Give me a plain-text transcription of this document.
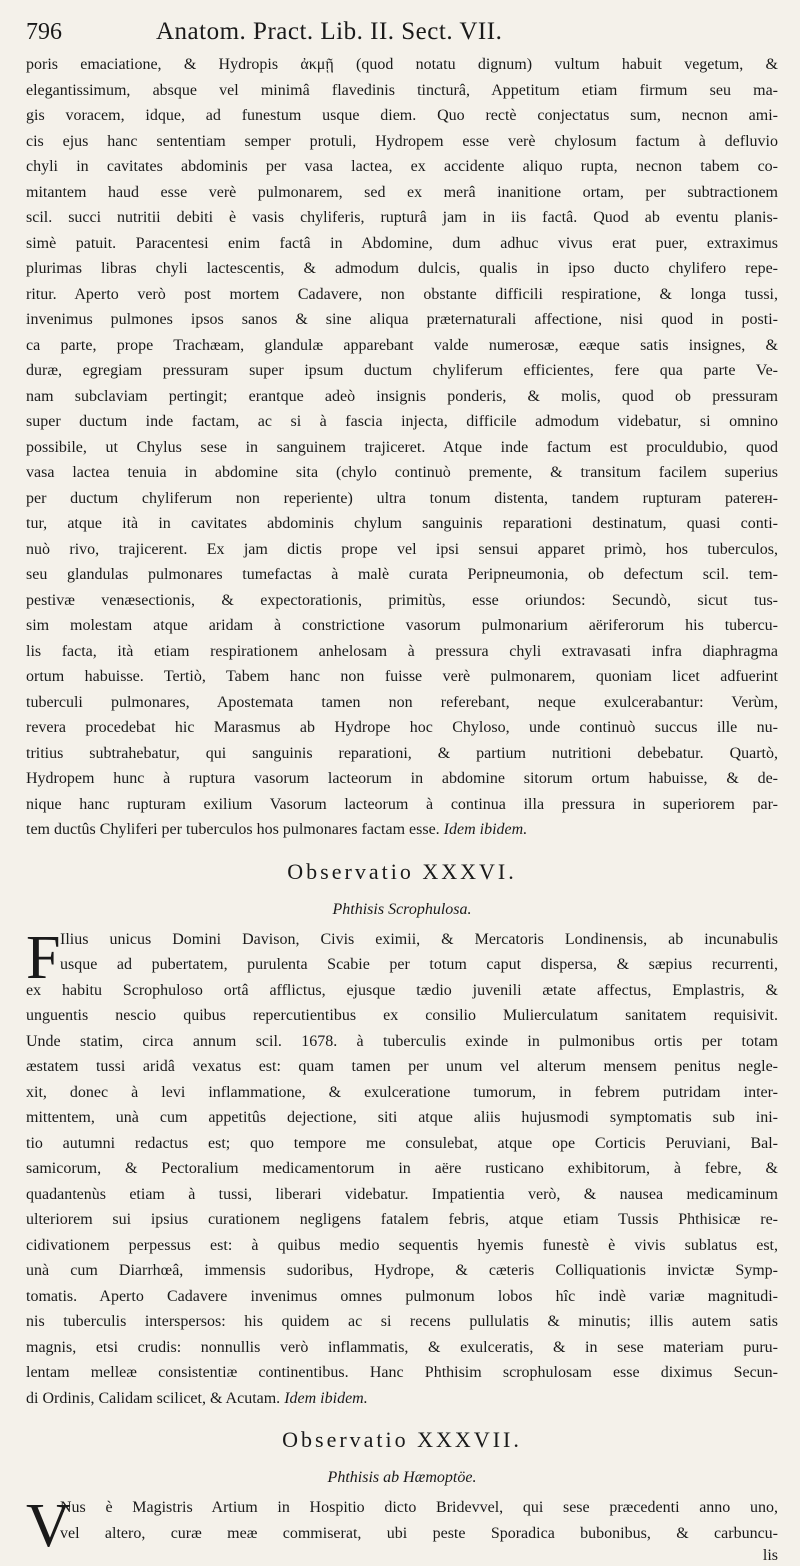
796	Anatom. Pract. Lib. II. Sect. VII.
poris emaciatione, & Hydropis ἀκμῇ (quod notatu dignum) vultum habuit vegetum, &
elegantissimum, absque vel minimâ flavedinis tincturâ, Appetitum etiam firmum seu ma-
gis voracem, idque, ad funestum usque diem. Quo rectè conjectatus sum, necnon ami-
cis ejus hanc sententiam semper protuli, Hydropem esse verè chylosum factum à defluvio
chyli in cavitates abdominis per vasa lactea, ex accidente aliquo rupta, necnon tabem co-
mitantem haud esse verè pulmonarem, sed ex merâ inanitione ortam, per subtractionem
scil. succi nutritii debiti è vasis chyliferis, rupturâ jam in iis factâ. Quod ab eventu planis-
simè patuit. Paracentesi enim factâ in Abdomine, dum adhuc vivus erat puer, extraximus
plurimas libras chyli lactescentis, & admodum dulcis, qualis in ipso ducto chylifero repe-
ritur. Aperto verò post mortem Cadavere, non obstante difficili respiratione, & longa tussi,
invenimus pulmones ipsos sanos & sine aliqua præternaturali affectione, nisi quod in posti-
ca parte, prope Trachæam, glandulæ apparebant valde numerosæ, eæque satis insignes, &
duræ, egregiam pressuram super ipsum ductum chyliferum efficientes, fere qua parte Ve-
nam subclaviam pertingit; erantque adeò insignis ponderis, & molis, quod ob pressuram
super ductum inde factam, ac si à fascia injecta, difficile admodum videbatur, si omnino
possibile, ut Chylus sese in sanguinem trajiceret. Atque inde factum est proculdubio, quod
vasa lactea tenuia in abdomine sita (chylo continuò premente, & transitum facilem superius
per ductum chyliferum non reperiente) ultra tonum distenta, tandem rupturam paterен-
tur, atque ità in cavitates abdominis chylum sanguinis reparationi destinatum, quasi conti-
nuò rivo, trajicerent. Ex jam dictis prope vel ipsi sensui apparet primò, hos tuberculos,
seu glandulas pulmonares tumefactas à malè curata Peripneumonia, ob defectum scil. tem-
pestivæ venæsectionis, & expectorationis, primitùs, esse oriundos: Secundò, sicut tus-
sim molestam atque aridam à constrictione vasorum pulmonarium aëriferorum his tubercu-
lis facta, ità etiam respirationem anhelosam à pressura chyli extravasati infra diaphragma
ortum habuisse. Tertiò, Tabem hanc non fuisse verè pulmonarem, quoniam licet adfuerint
tuberculi pulmonares, Apostemata tamen non referebant, neque exulcerabantur: Verùm,
revera procedebat hic Marasmus ab Hydrope hoc Chyloso, unde continuò succus ille nu-
tritius subtrahebatur, qui sanguinis reparationi, & partium nutritioni debebatur. Quartò,
Hydropem hunc à ruptura vasorum lacteorum in abdomine sitorum ortum habuisse, & de-
nique hanc rupturam exilium Vasorum lacteorum à continua illa pressura in superiorem par-
tem ductûs Chyliferi per tuberculos hos pulmonares factam esse. Idem ibidem.
Observatio XXXVI.
Phthisis Scrophulosa.
F Ilius unicus Domini Davison, Civis eximii, & Mercatoris Londinensis, ab incunabulis
usque ad pubertatem, purulenta Scabie per totum caput dispersa, & sæpius recurrenti,
ex habitu Scrophuloso ortâ afflictus, ejusque tædio juvenili ætate affectus, Emplastris, &
unguentis nescio quibus repercutientibus ex consilio Mulierculatum sanitatem requisivit.
Unde statim, circa annum scil. 1678. à tuberculis exinde in pulmonibus ortis per totam
æstatem tussi aridâ vexatus est: quam tamen per unum vel alterum mensem penitus negle-
xit, donec à levi inflammatione, & exulceratione tumorum, in febrem putridam inter-
mittentem, unà cum appetitûs dejectione, siti atque aliis hujusmodi symptomatis sub ini-
tio autumni redactus est; quo tempore me consulebat, atque ope Corticis Peruviani, Bal-
samicorum, & Pectoralium medicamentorum in aëre rusticano exhibitorum, à febre, &
quadantenùs etiam à tussi, liberari videbatur. Impatientia verò, & nausea medicaminum
ulteriorem sui ipsius curationem negligens fatalem febris, atque etiam Tussis Phthisicæ re-
cidivationem perpessus est: à quibus medio sequentis hyemis funestè è vivis sublatus est,
unà cum Diarrhœâ, immensis sudoribus, Hydrope, & cæteris Colliquationis invictæ Symp-
tomatis. Aperto Cadavere invenimus omnes pulmonum lobos hîc indè variæ magnitudi-
nis tuberculis interspersos: his quidem ac si recens pullulatis & minutis; illis autem satis
magnis, etsi crudis: nonnullis verò inflammatis, & exulceratis, & in sese materiam puru-
lentam melleæ consistentiæ continentibus. Hanc Phthisim scrophulosam esse diximus Secun-
di Ordinis, Calidam scilicet, & Acutam. Idem ibidem.
Observatio XXXVII.
Phthisis ab Hæmoptöe.
V
Nus è Magistris Artium in Hospitio dicto Bridevvel, qui sese præcedenti anno uno,
vel altero, curæ meæ commiserat, ubi peste Sporadica bubonibus, & carbuncu-
lis
